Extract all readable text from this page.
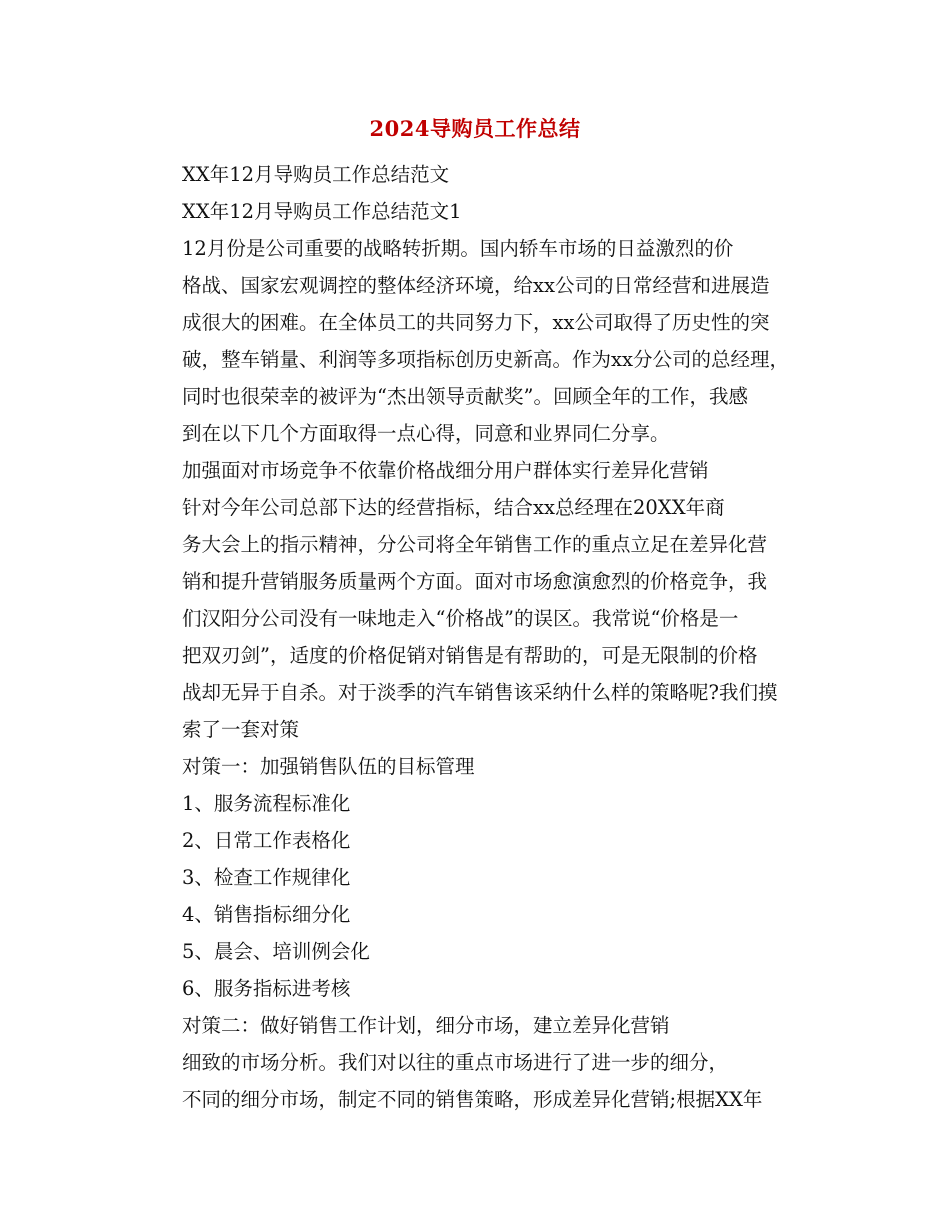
2024导购员工作总结

XX年12月导购员工作总结范文

XX年12月导购员工作总结范文1

12月份是公司重要的战略转折期。国内轿车市场的日益激烈的价
格战、国家宏观调控的整体经济环境，给xx公司的日常经营和进展造
成很大的困难。在全体员工的共同努力下，xx公司取得了历史性的突
破，整车销量、利润等多项指标创历史新高。作为xx分公司的总经理，
同时也很荣幸的被评为“杰出领导贡献奖”。回顾全年的工作，我感
到在以下几个方面取得一点心得，同意和业界同仁分享。

加强面对市场竞争不依靠价格战细分用户群体实行差异化营销

针对今年公司总部下达的经营指标，结合xx总经理在20XX年商
务大会上的指示精神，分公司将全年销售工作的重点立足在差异化营
销和提升营销服务质量两个方面。面对市场愈演愈烈的价格竞争，我
们汉阳分公司没有一味地走入“价格战”的误区。我常说“价格是一
把双刃剑”，适度的价格促销对销售是有帮助的，可是无限制的价格
战却无异于自杀。对于淡季的汽车销售该采纳什么样的策略呢?我们摸
索了一套对策

对策一：加强销售队伍的目标管理

1、服务流程标准化

2、日常工作表格化

3、检查工作规律化

4、销售指标细分化

5、晨会、培训例会化

6、服务指标进考核

对策二：做好销售工作计划，细分市场，建立差异化营销

细致的市场分析。我们对以往的重点市场进行了进一步的细分，
不同的细分市场，制定不同的销售策略，形成差异化营销;根据XX年
